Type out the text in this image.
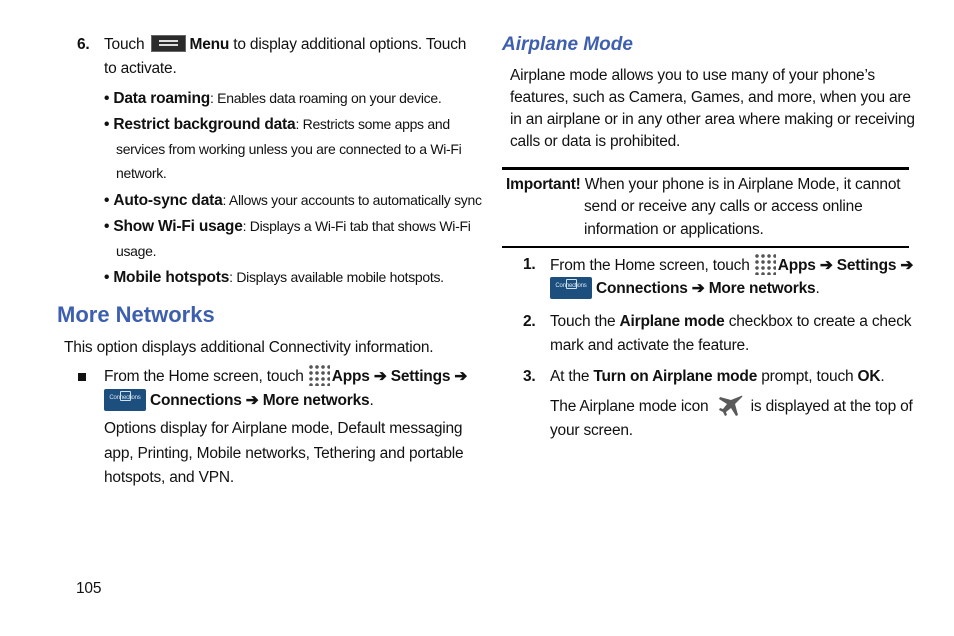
6. Touch	Menu to display additional options. Touch
to activate.
• Data roaming: Enables data roaming on your device.
• Restrict background data: Restricts some apps and
services from working unless you are connected to a Wi-Fi
network.
• Auto-sync data: Allows your accounts to automatically sync
• Show Wi-Fi usage: Displays a Wi-Fi tab that shows Wi-Fi
usage.
• Mobile hotspots: Displays available mobile hotspots.
More Networks
This option displays additional Connectivity information.
From the Home screen, touch Apps ➔ Settings ➔
Connections Connections ➔ More networks.
Options display for Airplane mode, Default messaging
app, Printing, Mobile networks, Tethering and portable
hotspots, and VPN.
105
Airplane Mode
Airplane mode allows you to use many of your phone’s
features, such as Camera, Games, and more, when you are
in an airplane or in any other area where making or receiving
calls or data is prohibited.
Important! When your phone is in Airplane Mode, it cannot
send or receive any calls or access online
information or applications.
1. From the Home screen, touch Apps ➔ Settings ➔
Connections Connections ➔ More networks.
2. Touch the Airplane mode checkbox to create a check
mark and activate the feature.
3. At the Turn on Airplane mode prompt, touch OK.
The Airplane mode icon  is displayed at the top of
your screen.
